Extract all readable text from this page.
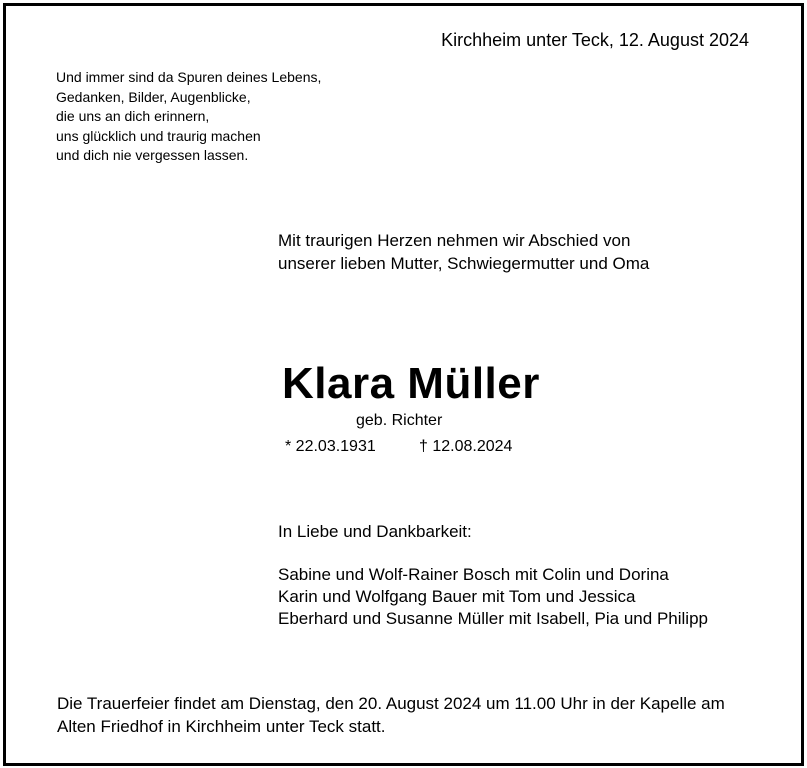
Kirchheim unter Teck, 12. August 2024
Und immer sind da Spuren deines Lebens,
Gedanken, Bilder, Augenblicke,
die uns an dich erinnern,
uns glücklich und traurig machen
und dich nie vergessen lassen.
Mit traurigen Herzen nehmen wir Abschied von
unserer lieben Mutter, Schwiegermutter und Oma
Klara Müller
geb. Richter
* 22.03.1931	† 12.08.2024
In Liebe und Dankbarkeit:
Sabine und Wolf-Rainer Bosch mit Colin und Dorina
Karin und Wolfgang Bauer mit Tom und Jessica
Eberhard und Susanne Müller mit Isabell, Pia und Philipp
Die Trauerfeier findet am Dienstag, den 20. August 2024 um 11.00 Uhr in der Kapelle am
Alten Friedhof in Kirchheim unter Teck statt.
